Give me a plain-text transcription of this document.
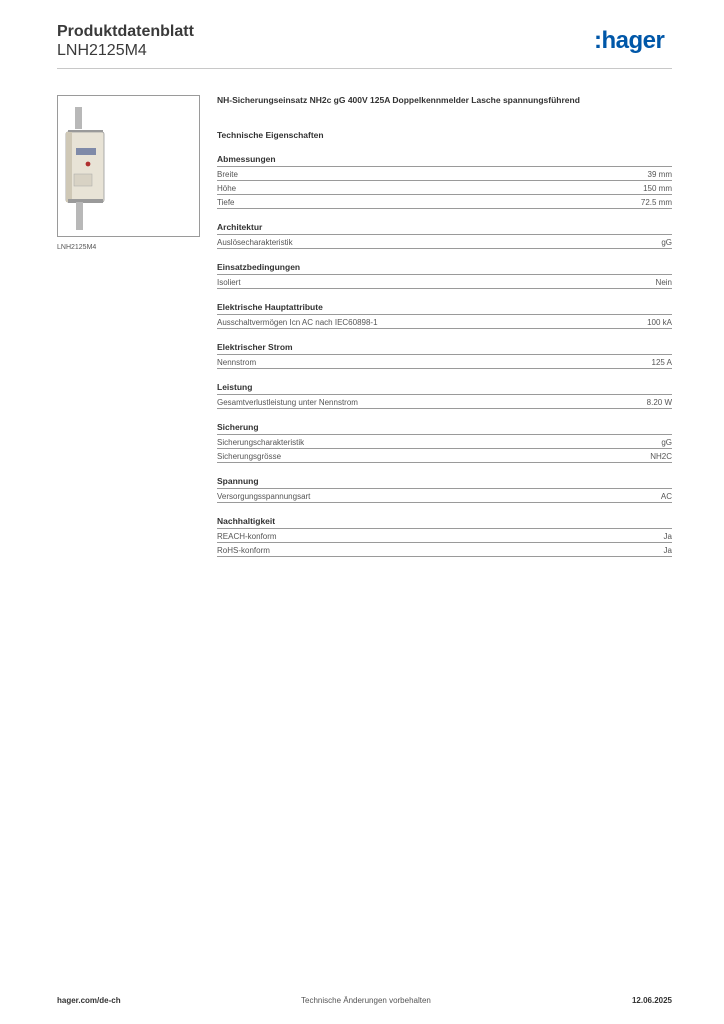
Produktdatenblatt
LNH2125M4	:hager
LNH2125M4
NH-Sicherungseinsatz NH2c gG 400V 125A Doppelkennmelder Lasche spannungsführend
Technische Eigenschaften
Abmessungen
Breite	39 mm
Höhe	150 mm
Tiefe	72.5 mm
Architektur
Auslösecharakteristik	gG
Einsatzbedingungen
Isoliert	Nein
Elektrische Hauptattribute
Ausschaltvermögen Icn AC nach IEC60898-1	100 kA
Elektrischer Strom
Nennstrom	125 A
Leistung
Gesamtverlustleistung unter Nennstrom	8.20 W
Sicherung
Sicherungscharakteristik	gG
Sicherungsgrösse	NH2C
Spannung
Versorgungsspannungsart	AC
Nachhaltigkeit
REACH-konform	Ja
RoHS-konform	Ja
hager.com/de-ch	Technische Änderungen vorbehalten	12.06.2025
